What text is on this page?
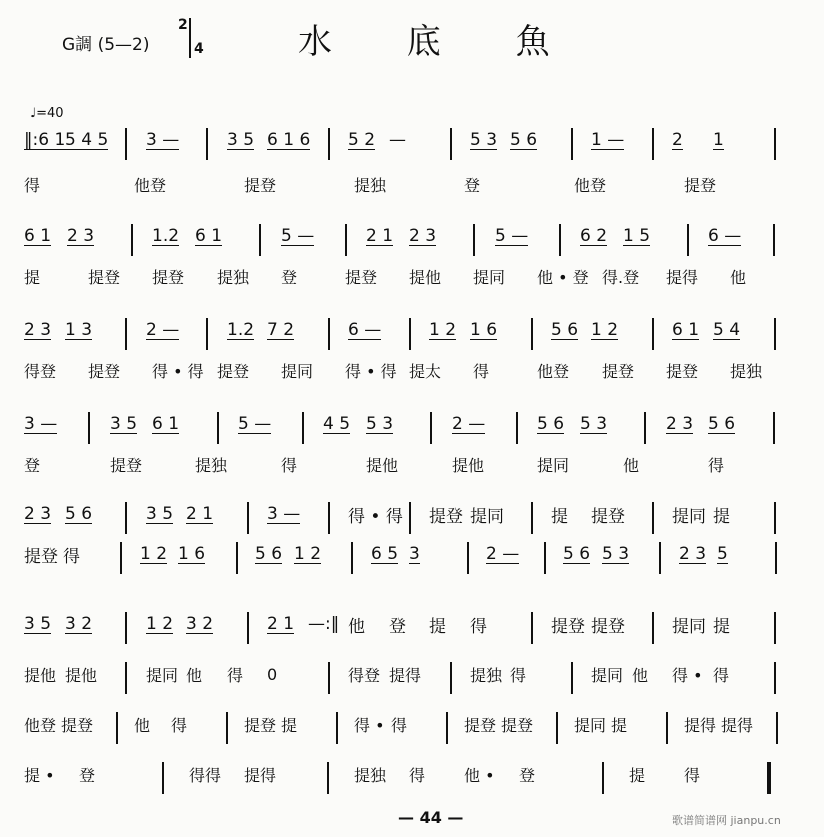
G調 (5—2)
2
4	水 底 魚
♩=40
‖:6 1 5 4 5 3 —	3 5 6 1 6 5 2 —	5 3 5 6	1 —	2 1
得	他登	提登	提独	登	他登	提登
6 1 2 3	1.2 6 1	5 —	2 1 2 3	5 —	6 2 1 5	6 —
提	提登 提登 提独 登	提登 提他 提同 他 • 登 得.登 提得 他
2 3 1 3	2 —	1.2 7 2	6 —	1 2 1 6	5 6 1 2	6 1 5 4
得登 提登 得 • 得 提登 提同 得 • 得 提太 得	他登 提登 提登 提独
3 —	3 5 6 1	5 —	4 5 5 3	2 —	5 6 5 3	2 3 5 6
登	提登	提独	得	提他	提他	提同	他	得
2 3 5 6	3 5 2 1	3 —	得 • 得 提登 提同	提 提登	提同 提
提登 得	1 2 1 6	5 6 1 2	6 5 3	2 —	5 6 5 3	2 3 5
3 5 3 2	1 2 3 2	2 1 —:‖ 他 登 提 得	提登 提登	提同 提
提他 提他	提同 他 得 0	得登 提得	提独 得	提同 他 得 • 得
他登 提登	他 得	提登 提	得 • 得	提登 提登	提同 提	提得 提得
提 • 登	得得 提得	提独 得 他 • 登	提 得
— 44 —	歌谱简谱网 jianpu.cn
